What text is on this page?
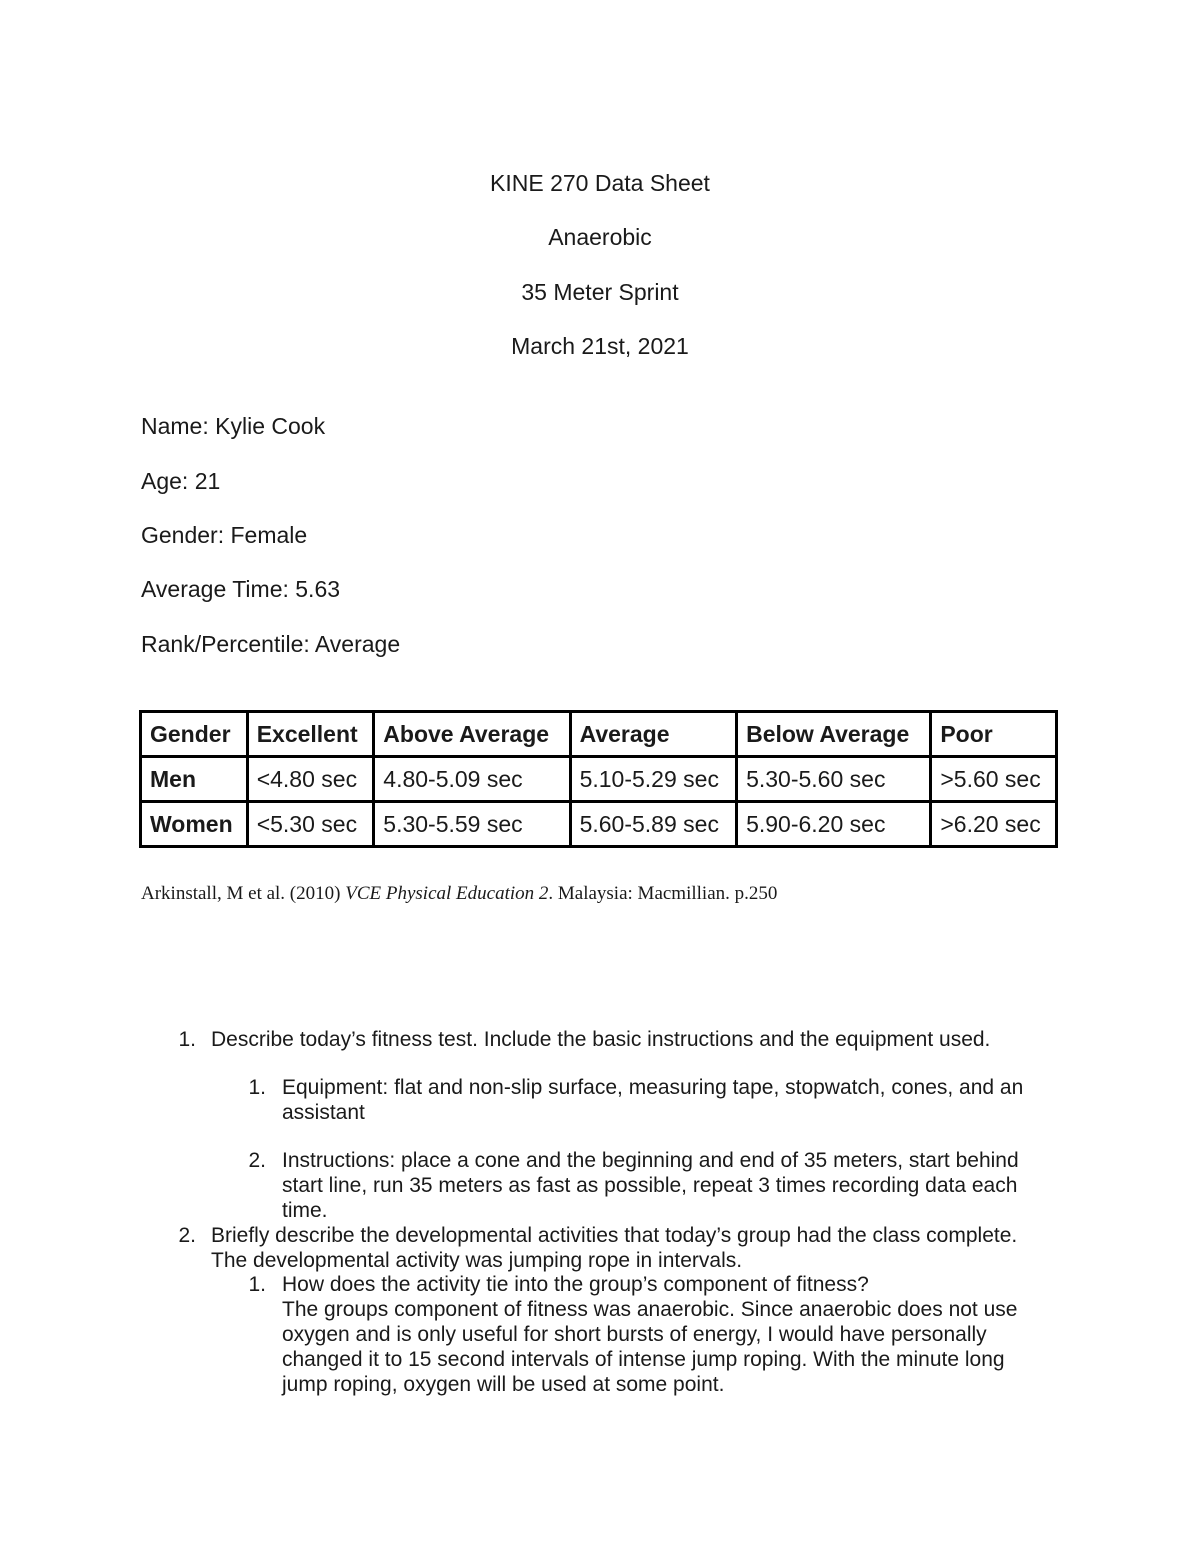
KINE 270 Data Sheet
Anaerobic
35 Meter Sprint
March 21st, 2021
Name: Kylie Cook
Age: 21
Gender: Female
Average Time: 5.63
Rank/Percentile: Average
Gender	Excellent	Above Average	Average	Below Average	Poor
Men	<4.80 sec	4.80-5.09 sec	5.10-5.29 sec	5.30-5.60 sec	>5.60 sec
Women	<5.30 sec	5.30-5.59 sec	5.60-5.89 sec	5.90-6.20 sec	>6.20 sec
Arkinstall, M et al. (2010) VCE Physical Education 2. Malaysia: Macmillian. p.250
1. Describe today’s fitness test. Include the basic instructions and the equipment used.
1. Equipment: flat and non-slip surface, measuring tape, stopwatch, cones, and an
assistant
2. Instructions: place a cone and the beginning and end of 35 meters, start behind
start line, run 35 meters as fast as possible, repeat 3 times recording data each
time.
2. Briefly describe the developmental activities that today’s group had the class complete.
The developmental activity was jumping rope in intervals.
1. How does the activity tie into the group’s component of fitness?
The groups component of fitness was anaerobic. Since anaerobic does not use
oxygen and is only useful for short bursts of energy, I would have personally
changed it to 15 second intervals of intense jump roping. With the minute long
jump roping, oxygen will be used at some point.
